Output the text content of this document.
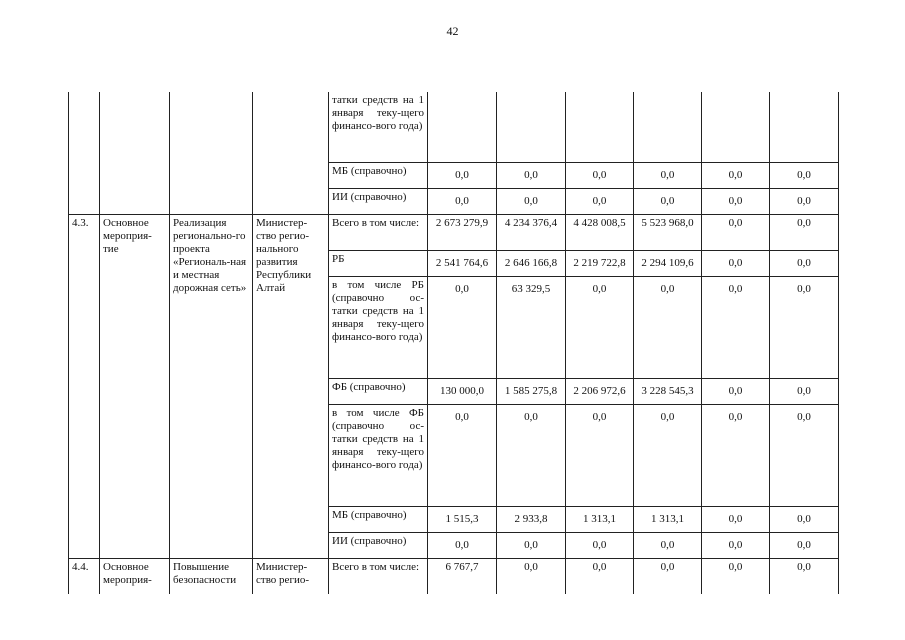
42
				татки средств на 1 января теку-щего финансо-вого года)						
				МБ (справочно)	0,0	0,0	0,0	0,0	0,0	0,0
				ИИ (справочно)	0,0	0,0	0,0	0,0	0,0	0,0
4.3.	Основное мероприя-тие	Реализация регионально-го проекта «Региональ-ная и местная дорожная сеть»	Министер-ство регио-нального развития Республики Алтай	Всего в том числе:	2 673 279,9	4 234 376,4	4 428 008,5	5 523 968,0	0,0	0,0
				РБ	2 541 764,6	2 646 166,8	2 219 722,8	2 294 109,6	0,0	0,0
				в том числе РБ (справочно ос-татки средств на 1 января теку-щего финансо-вого года)	0,0	63 329,5	0,0	0,0	0,0	0,0
				ФБ (справочно)	130 000,0	1 585 275,8	2 206 972,6	3 228 545,3	0,0	0,0
				в том числе ФБ (справочно ос-татки средств на 1 января теку-щего финансо-вого года)	0,0	0,0	0,0	0,0	0,0	0,0
				МБ (справочно)	1 515,3	2 933,8	1 313,1	1 313,1	0,0	0,0
				ИИ (справочно)	0,0	0,0	0,0	0,0	0,0	0,0
4.4.	Основное мероприя-	Повышение безопасности	Министер-ство регио-	Всего в том числе:	6 767,7	0,0	0,0	0,0	0,0	0,0
